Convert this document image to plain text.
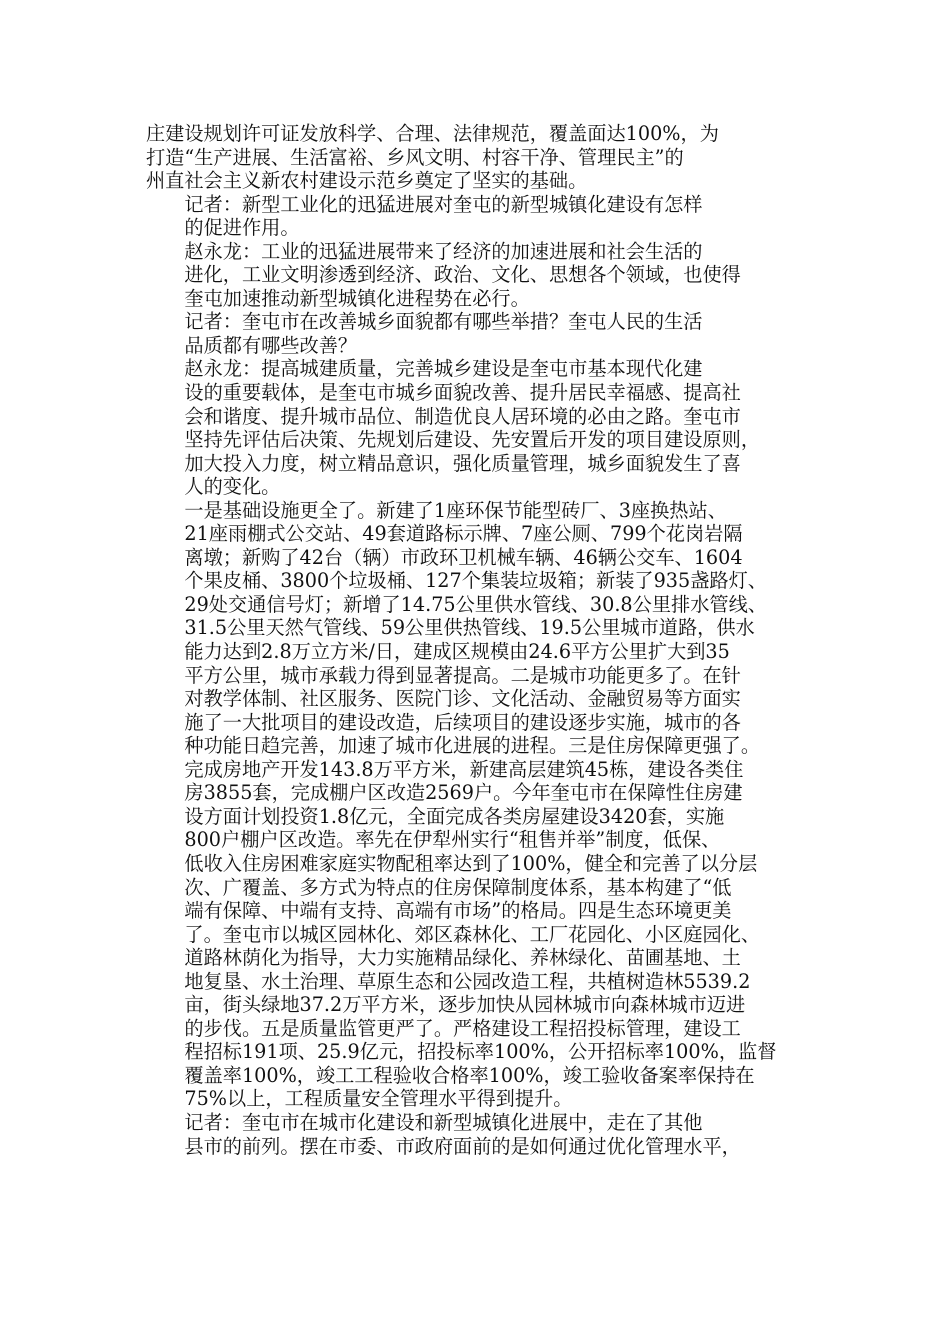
庄建设规划许可证发放科学、合理、法律规范，覆盖面达100%，为
打造“生产进展、生活富裕、乡风文明、村容干净、管理民主”的
州直社会主义新农村建设示范乡奠定了坚实的基础。

记者：新型工业化的迅猛进展对奎屯的新型城镇化建设有怎样
的促进作用。

赵永龙：工业的迅猛进展带来了经济的加速进展和社会生活的
进化，工业文明渗透到经济、政治、文化、思想各个领域，也使得
奎屯加速推动新型城镇化进程势在必行。

记者：奎屯市在改善城乡面貌都有哪些举措？奎屯人民的生活
品质都有哪些改善？

赵永龙：提高城建质量，完善城乡建设是奎屯市基本现代化建
设的重要载体，是奎屯市城乡面貌改善、提升居民幸福感、提高社
会和谐度、提升城市品位、制造优良人居环境的必由之路。奎屯市
坚持先评估后决策、先规划后建设、先安置后开发的项目建设原则，
加大投入力度，树立精品意识，强化质量管理，城乡面貌发生了喜
人的变化。

一是基础设施更全了。新建了1座环保节能型砖厂、3座换热站、
21座雨棚式公交站、49套道路标示牌、7座公厕、799个花岗岩隔
离墩；新购了42台（辆）市政环卫机械车辆、46辆公交车、1604
个果皮桶、3800个垃圾桶、127个集装垃圾箱；新装了935盏路灯、
29处交通信号灯；新增了14.75公里供水管线、30.8公里排水管线、
31.5公里天然气管线、59公里供热管线、19.5公里城市道路，供水
能力达到2.8万立方米/日，建成区规模由24.6平方公里扩大到35
平方公里，城市承载力得到显著提高。二是城市功能更多了。在针
对教学体制、社区服务、医院门诊、文化活动、金融贸易等方面实
施了一大批项目的建设改造，后续项目的建设逐步实施，城市的各
种功能日趋完善，加速了城市化进展的进程。三是住房保障更强了。
完成房地产开发143.8万平方米，新建高层建筑45栋，建设各类住
房3855套，完成棚户区改造2569户。今年奎屯市在保障性住房建
设方面计划投资1.8亿元，全面完成各类房屋建设3420套，实施
800户棚户区改造。率先在伊犁州实行“租售并举”制度，低保、
低收入住房困难家庭实物配租率达到了100%，健全和完善了以分层
次、广覆盖、多方式为特点的住房保障制度体系，基本构建了“低
端有保障、中端有支持、高端有市场”的格局。四是生态环境更美
了。奎屯市以城区园林化、郊区森林化、工厂花园化、小区庭园化、
道路林荫化为指导，大力实施精品绿化、养林绿化、苗圃基地、土
地复垦、水土治理、草原生态和公园改造工程，共植树造林5539.2
亩，街头绿地37.2万平方米，逐步加快从园林城市向森林城市迈进
的步伐。五是质量监管更严了。严格建设工程招投标管理，建设工
程招标191项、25.9亿元，招投标率100%，公开招标率100%，监督
覆盖率100%，竣工工程验收合格率100%，竣工验收备案率保持在
75%以上，工程质量安全管理水平得到提升。

记者：奎屯市在城市化建设和新型城镇化进展中，走在了其他
县市的前列。摆在市委、市政府面前的是如何通过优化管理水平，
